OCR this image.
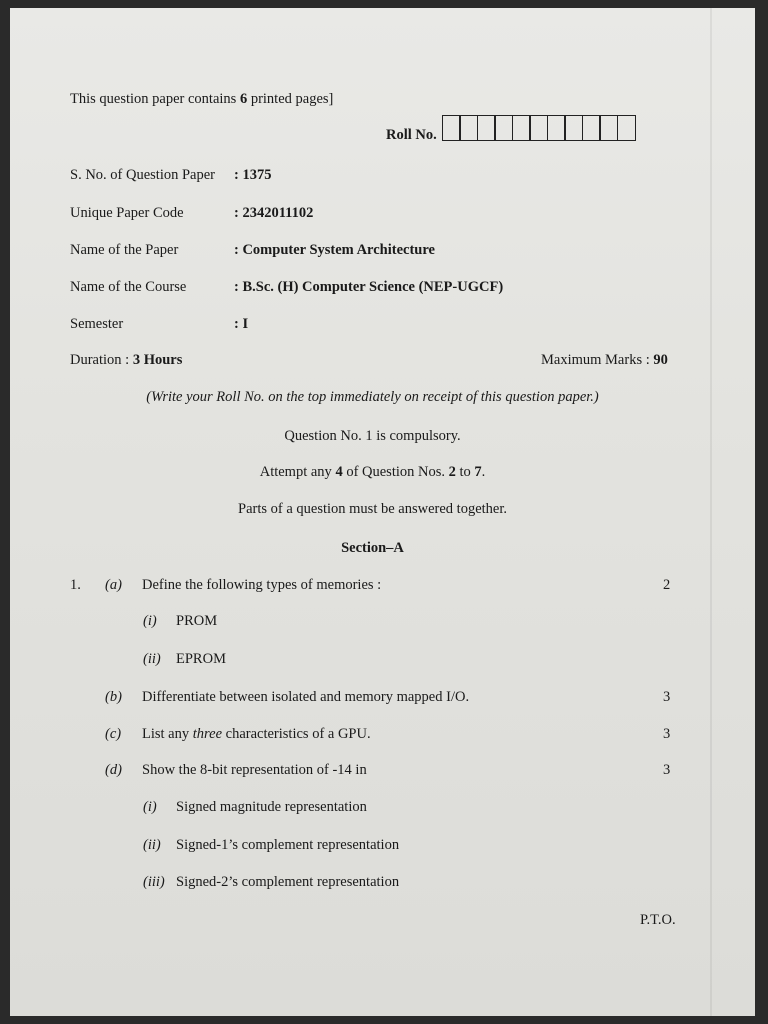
This question paper contains 6 printed pages]
Roll No.
S. No. of Question Paper : 1375
Unique Paper Code	: 2342011102
Name of the Paper	: Computer System Architecture
Name of the Course	: B.Sc. (H) Computer Science (NEP-UGCF)
Semester	: I
Duration : 3 Hours	Maximum Marks : 90
(Write your Roll No. on the top immediately on receipt of this question paper.)
Question No. 1 is compulsory.
Attempt any 4 of Question Nos. 2 to 7.
Parts of a question must be answered together.
Section–A
1. (a) Define the following types of memories :	2
(i) PROM
(ii) EPROM
(b) Differentiate between isolated and memory mapped I/O.	3
(c) List any three characteristics of a GPU.	3
(d) Show the 8-bit representation of -14 in	3
(i) Signed magnitude representation
(ii) Signed-1’s complement representation
(iii) Signed-2’s complement representation
P.T.O.
